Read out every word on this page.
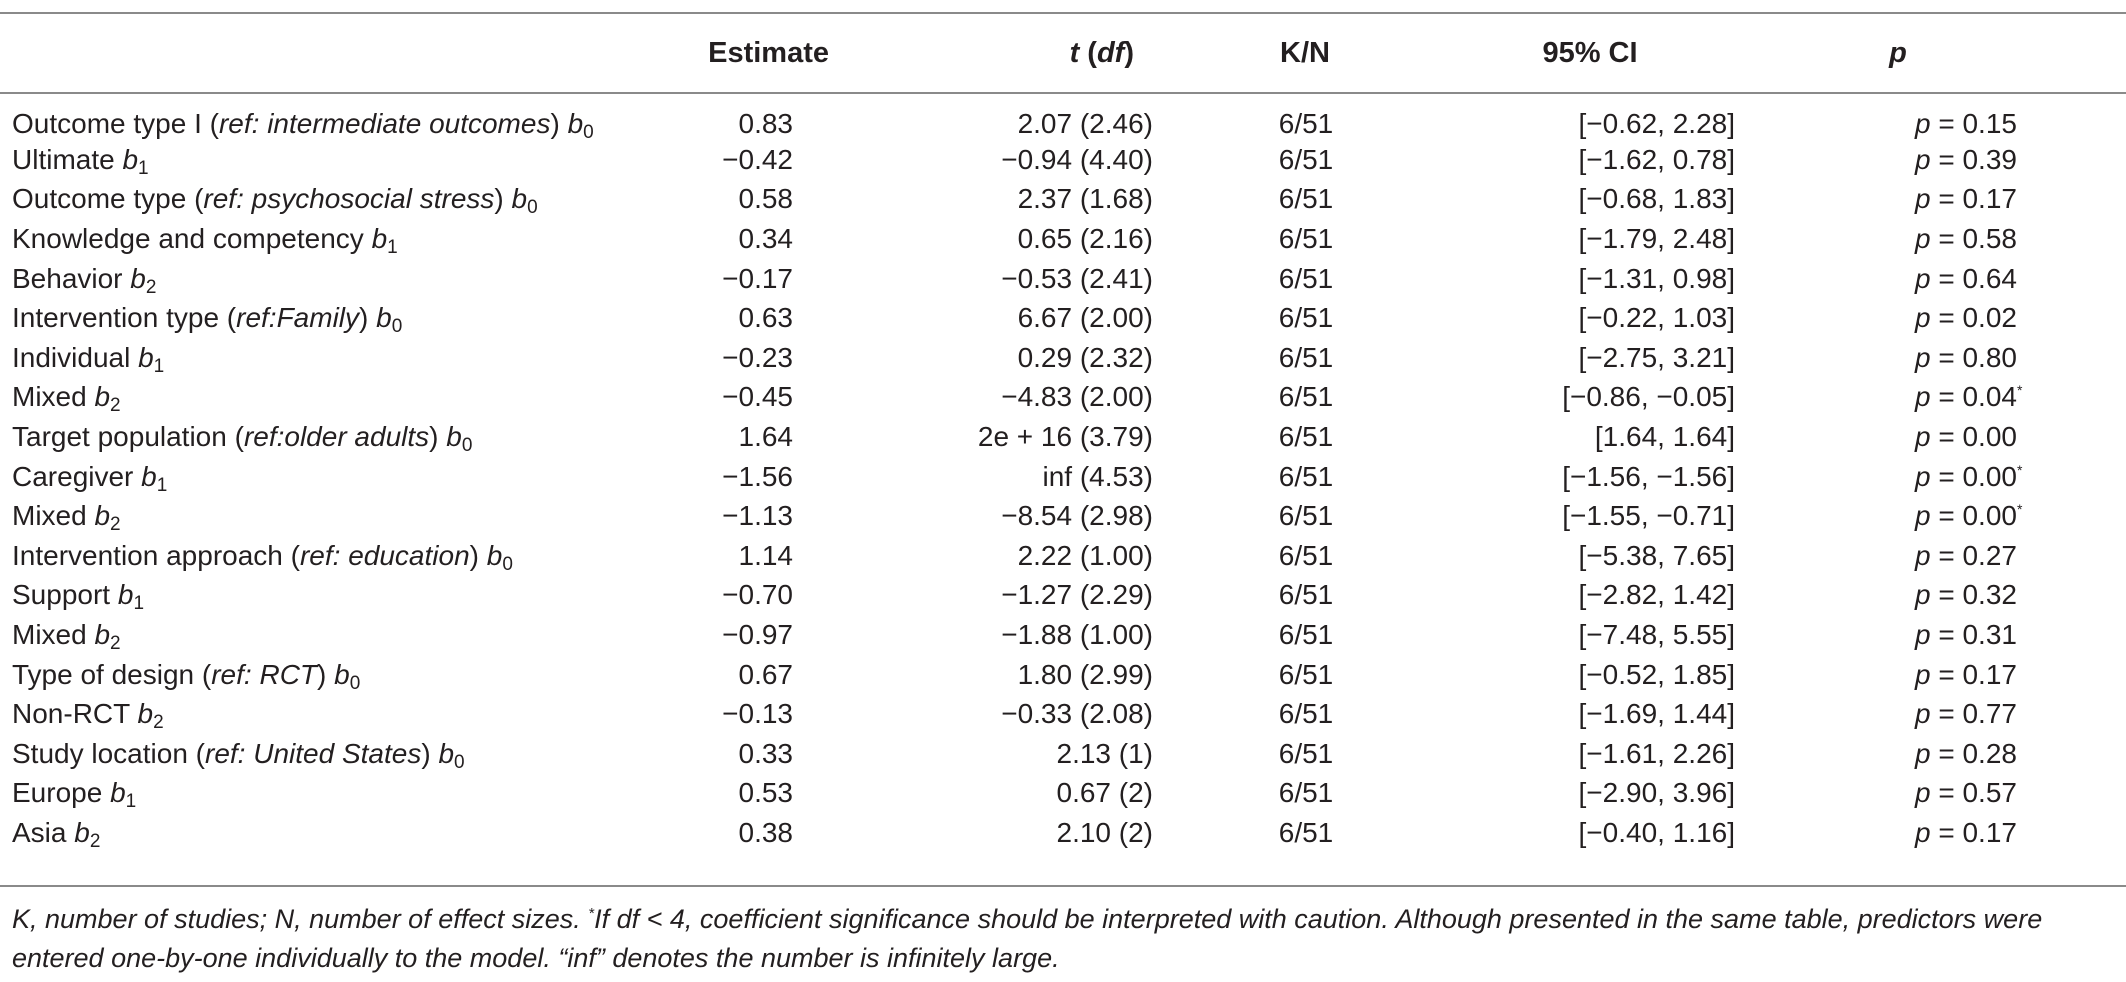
	Estimate	t (df)	K/N	95% CI	p
Outcome type I (ref: intermediate outcomes) $b_0$	0.83	2.07 (2.46)	6/51	[−0.62, 2.28]	p = 0.15
Ultimate $b_1$	−0.42	−0.94 (4.40)	6/51	[−1.62, 0.78]	p = 0.39
Outcome type (ref: psychosocial stress) $b_0$	0.58	2.37 (1.68)	6/51	[−0.68, 1.83]	p = 0.17
Knowledge and competency $b_1$	0.34	0.65 (2.16)	6/51	[−1.79, 2.48]	p = 0.58
Behavior $b_2$	−0.17	−0.53 (2.41)	6/51	[−1.31, 0.98]	p = 0.64
Intervention type (ref:Family) $b_0$	0.63	6.67 (2.00)	6/51	[−0.22, 1.03]	p = 0.02
Individual $b_1$	−0.23	0.29 (2.32)	6/51	[−2.75, 3.21]	p = 0.80
Mixed $b_2$	−0.45	−4.83 (2.00)	6/51	[−0.86, −0.05]	p = 0.04*
Target population (ref:older adults) $b_0$	1.64	2e + 16 (3.79)	6/51	[1.64, 1.64]	p = 0.00
Caregiver $b_1$	−1.56	inf (4.53)	6/51	[−1.56, −1.56]	p = 0.00*
Mixed $b_2$	−1.13	−8.54 (2.98)	6/51	[−1.55, −0.71]	p = 0.00*
Intervention approach (ref: education) $b_0$	1.14	2.22 (1.00)	6/51	[−5.38, 7.65]	p = 0.27
Support $b_1$	−0.70	−1.27 (2.29)	6/51	[−2.82, 1.42]	p = 0.32
Mixed $b_2$	−0.97	−1.88 (1.00)	6/51	[−7.48, 5.55]	p = 0.31
Type of design (ref: RCT) $b_0$	0.67	1.80 (2.99)	6/51	[−0.52, 1.85]	p = 0.17
Non-RCT $b_2$	−0.13	−0.33 (2.08)	6/51	[−1.69, 1.44]	p = 0.77
Study location (ref: United States) $b_0$	0.33	2.13 (1)	6/51	[−1.61, 2.26]	p = 0.28
Europe $b_1$	0.53	0.67 (2)	6/51	[−2.90, 3.96]	p = 0.57
Asia $b_2$	0.38	2.10 (2)	6/51	[−0.40, 1.16]	p = 0.17
K, number of studies; N, number of effect sizes. *If df < 4, coefficient significance should be interpreted with caution. Although presented in the same table, predictors were entered one-by-one individually to the model. “inf” denotes the number is infinitely large.
